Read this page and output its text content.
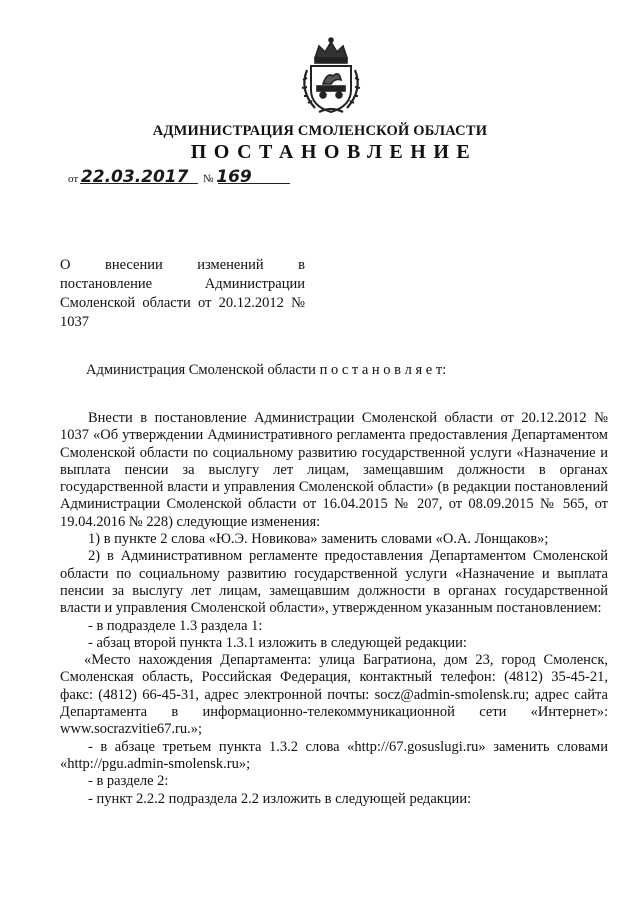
АДМИНИСТРАЦИЯ СМОЛЕНСКОЙ ОБЛАСТИ
ПОСТАНОВЛЕНИЕ
от 22.03.2017 № 169
О внесении изменений в постановление Администрации Смоленской области от 20.12.2012 № 1037
Администрация Смоленской области п о с т а н о в л я е т:

Внести в постановление Администрации Смоленской области от 20.12.2012 № 1037 «Об утверждении Административного регламента предоставления Департаментом Смоленской области по социальному развитию государственной услуги «Назначение и выплата пенсии за выслугу лет лицам, замещавшим должности в органах государственной власти и управления Смоленской области» (в редакции постановлений Администрации Смоленской области от 16.04.2015 № 207, от 08.09.2015 № 565, от 19.04.2016 № 228) следующие изменения:

1) в пункте 2 слова «Ю.Э. Новикова» заменить словами «О.А. Лонщаков»;

2) в Административном регламенте предоставления Департаментом Смоленской области по социальному развитию государственной услуги «Назначение и выплата пенсии за выслугу лет лицам, замещавшим должности в органах государственной власти и управления Смоленской области», утвержденном указанным постановлением:

- в подразделе 1.3 раздела 1:

- абзац второй пункта 1.3.1 изложить в следующей редакции:

«Место нахождения Департамента: улица Багратиона, дом 23, город Смоленск, Смоленская область, Российская Федерация, контактный телефон: (4812) 35-45-21, факс: (4812) 66-45-31, адрес электронной почты: socz@admin-smolensk.ru; адрес сайта Департамента в информационно-телекоммуникационной сети «Интернет»: www.socrazvitie67.ru.»;

- в абзаце третьем пункта 1.3.2 слова «http://67.gosuslugi.ru» заменить словами «http://pgu.admin-smolensk.ru»;

- в разделе 2:

- пункт 2.2.2 подраздела 2.2 изложить в следующей редакции:
